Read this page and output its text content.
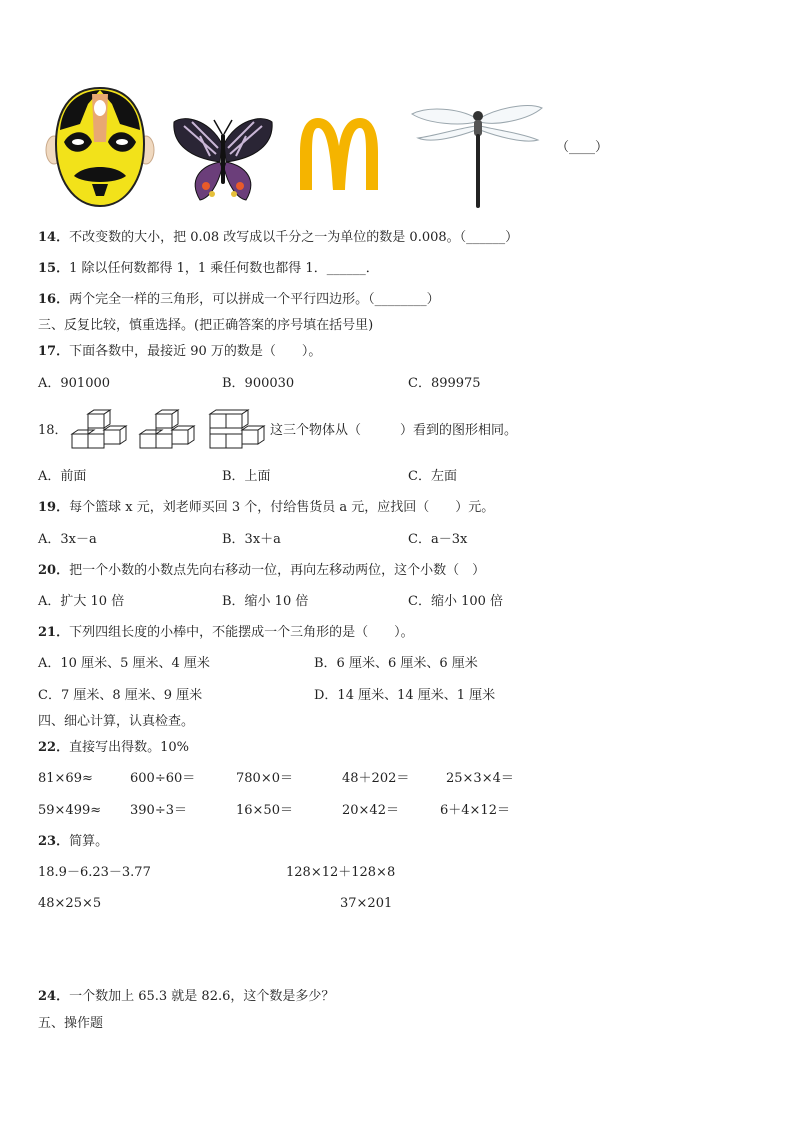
（____）
14．不改变数的大小，把 0.08 改写成以千分之一为单位的数是 0.008。（______）
15．1 除以任何数都得 1，1 乘任何数也都得 1．______．
16．两个完全一样的三角形，可以拼成一个平行四边形。（________）
三、反复比较，慎重选择。(把正确答案的序号填在括号里)
17．下面各数中，最接近 90 万的数是（　　）。
A．901000	B．900030	C．899975
18．	这三个物体从（　　　）看到的图形相同。
A．前面	B．上面	C．左面
19．每个篮球 x 元，刘老师买回 3 个，付给售货员 a 元，应找回（　　）元。
A．3x－a	B．3x＋a	C．a－3x
20．把一个小数的小数点先向右移动一位，再向左移动两位，这个小数（　）
A．扩大 10 倍	B．缩小 10 倍	C．缩小 100 倍
21．下列四组长度的小棒中，不能摆成一个三角形的是（　　）。
A．10 厘米、5 厘米、4 厘米	B．6 厘米、6 厘米、6 厘米
C．7 厘米、8 厘米、9 厘米	D．14 厘米、14 厘米、1 厘米
四、细心计算，认真检查。
22．直接写出得数。10%
81×69≈	600÷60＝	780×0＝	48＋202＝	25×3×4＝
59×499≈ 390÷3＝	16×50＝	20×42＝	6＋4×12＝
23．简算。
18.9－6.23－3.77	128×12＋128×8
48×25×5	37×201
24．一个数加上 65.3 就是 82.6，这个数是多少？
五、操作题
